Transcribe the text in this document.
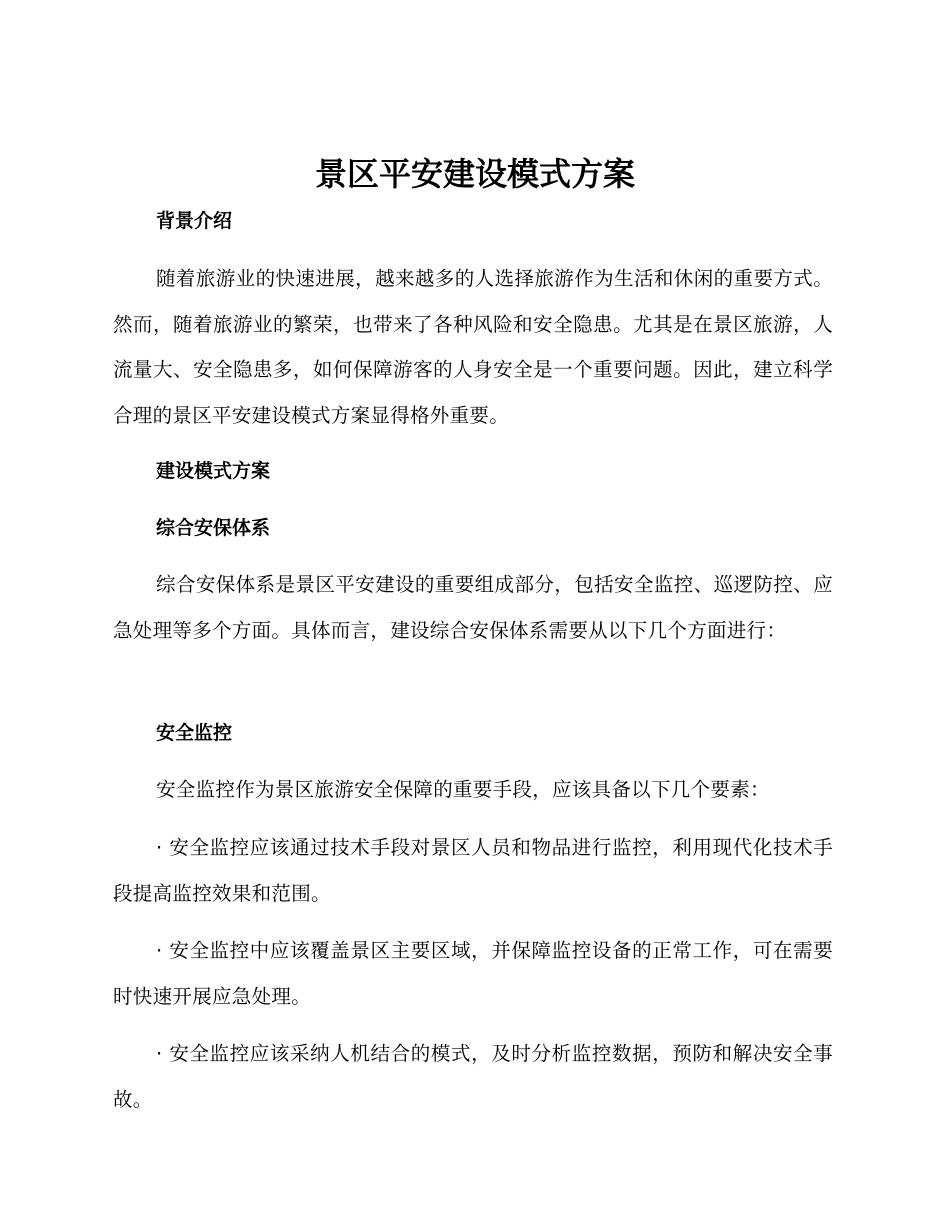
景区平安建设模式方案
背景介绍
随着旅游业的快速进展，越来越多的人选择旅游作为生活和休闲的重要方式。然而，随着旅游业的繁荣，也带来了各种风险和安全隐患。尤其是在景区旅游，人流量大、安全隐患多，如何保障游客的人身安全是一个重要问题。因此，建立科学合理的景区平安建设模式方案显得格外重要。
建设模式方案
综合安保体系
综合安保体系是景区平安建设的重要组成部分，包括安全监控、巡逻防控、应急处理等多个方面。具体而言，建设综合安保体系需要从以下几个方面进行：
安全监控
安全监控作为景区旅游安全保障的重要手段，应该具备以下几个要素：
· 安全监控应该通过技术手段对景区人员和物品进行监控，利用现代化技术手段提高监控效果和范围。
· 安全监控中应该覆盖景区主要区域，并保障监控设备的正常工作，可在需要时快速开展应急处理。
· 安全监控应该采纳人机结合的模式，及时分析监控数据，预防和解决安全事故。
